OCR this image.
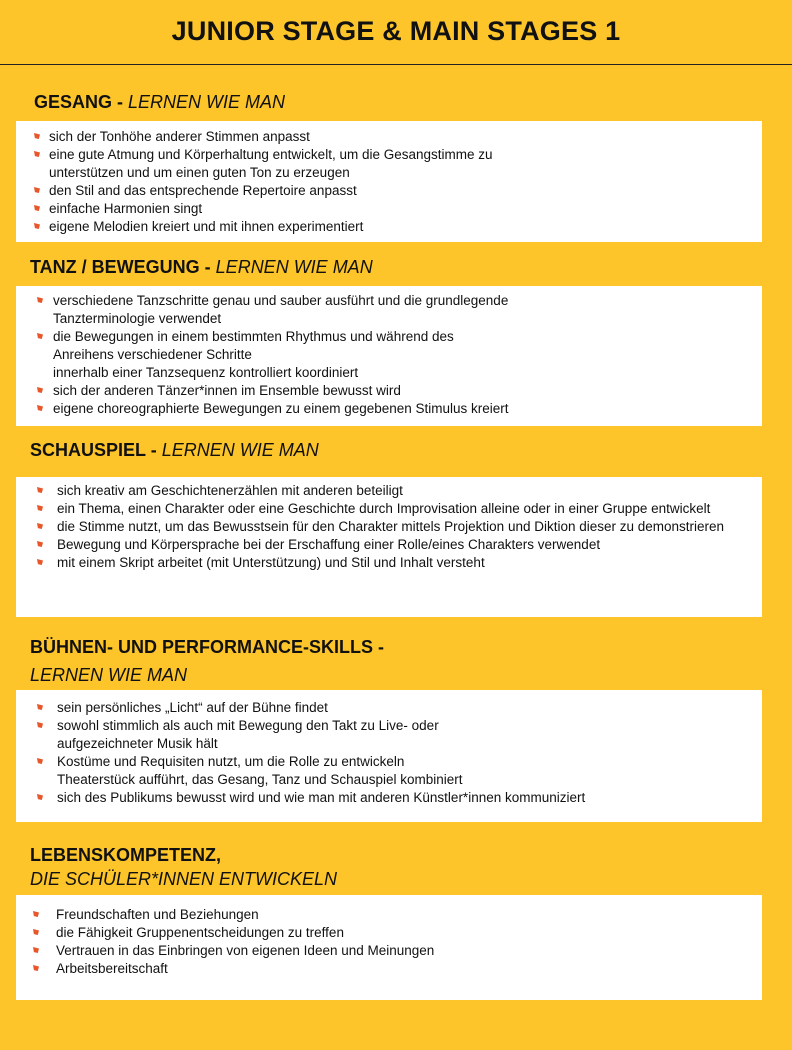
JUNIOR STAGE & MAIN STAGES 1
GESANG - LERNEN WIE MAN
sich der Tonhöhe anderer Stimmen anpasst
eine gute Atmung und Körperhaltung entwickelt, um die Gesangstimme zu
unterstützen und um einen guten Ton zu erzeugen
den Stil and das entsprechende Repertoire anpasst
einfache Harmonien singt
eigene Melodien kreiert und mit ihnen experimentiert
TANZ / BEWEGUNG - LERNEN WIE MAN
verschiedene Tanzschritte genau und sauber ausführt und die grundlegende
Tanzterminologie verwendet
die Bewegungen in einem bestimmten Rhythmus und während des
Anreihens verschiedener Schritte
innerhalb einer Tanzsequenz kontrolliert koordiniert
sich der anderen Tänzer*innen im Ensemble bewusst wird
eigene choreographierte Bewegungen zu einem gegebenen Stimulus kreiert
SCHAUSPIEL - LERNEN WIE MAN
sich kreativ am Geschichtenerzählen mit anderen beteiligt
ein Thema, einen Charakter oder eine Geschichte durch Improvisation alleine oder in einer Gruppe entwickelt
die Stimme nutzt, um das Bewusstsein für den Charakter mittels Projektion und Diktion dieser zu demonstrieren
Bewegung und Körpersprache bei der Erschaffung einer Rolle/eines Charakters verwendet
mit einem Skript arbeitet (mit Unterstützung) und Stil und Inhalt versteht
BÜHNEN- UND PERFORMANCE-SKILLS -
LERNEN WIE MAN
sein persönliches „Licht“ auf der Bühne findet
sowohl stimmlich als auch mit Bewegung den Takt zu Live- oder
aufgezeichneter Musik hält
Kostüme und Requisiten nutzt, um die Rolle zu entwickeln
Theaterstück aufführt, das Gesang, Tanz und Schauspiel kombiniert
sich des Publikums bewusst wird und wie man mit anderen Künstler*innen kommuniziert
LEBENSKOMPETENZ,
DIE SCHÜLER*INNEN ENTWICKELN
Freundschaften und Beziehungen
die Fähigkeit Gruppenentscheidungen zu treffen
Vertrauen in das Einbringen von eigenen Ideen und Meinungen
Arbeitsbereitschaft
